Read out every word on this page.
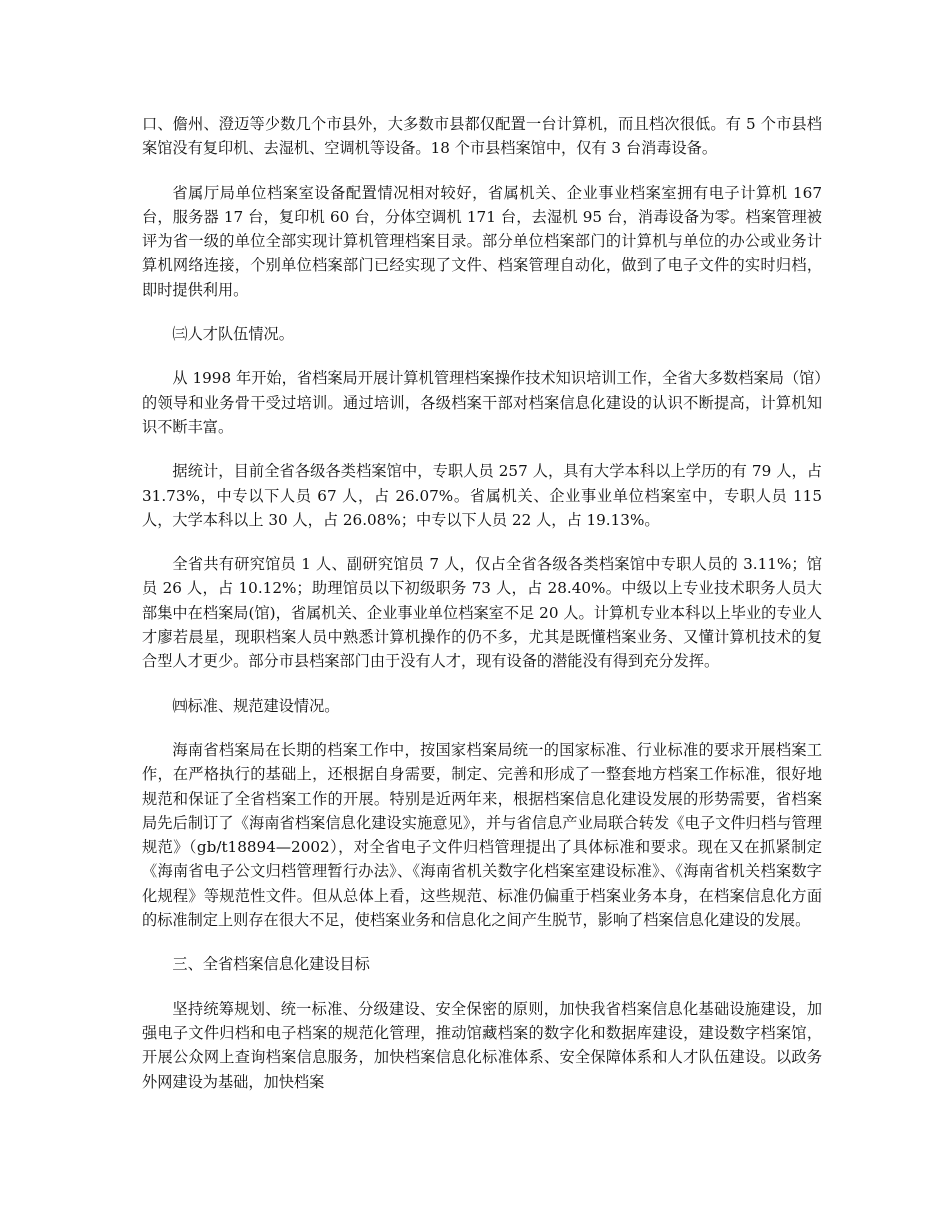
口、儋州、澄迈等少数几个市县外，大多数市县都仅配置一台计算机，而且档次很低。有 5 个市县档案馆没有复印机、去湿机、空调机等设备。18 个市县档案馆中，仅有 3 台消毒设备。

省属厅局单位档案室设备配置情况相对较好，省属机关、企业事业档案室拥有电子计算机 167 台，服务器 17 台，复印机 60 台，分体空调机 171 台，去湿机 95 台，消毒设备为零。档案管理被评为省一级的单位全部实现计算机管理档案目录。部分单位档案部门的计算机与单位的办公或业务计算机网络连接，个别单位档案部门已经实现了文件、档案管理自动化，做到了电子文件的实时归档，即时提供利用。

㈢人才队伍情况。

从 1998 年开始，省档案局开展计算机管理档案操作技术知识培训工作，全省大多数档案局（馆）的领导和业务骨干受过培训。通过培训，各级档案干部对档案信息化建设的认识不断提高，计算机知识不断丰富。

据统计，目前全省各级各类档案馆中，专职人员 257 人，具有大学本科以上学历的有 79 人，占 31.73%，中专以下人员 67 人，占 26.07%。省属机关、企业事业单位档案室中，专职人员 115 人，大学本科以上 30 人，占 26.08%；中专以下人员 22 人，占 19.13%。

全省共有研究馆员 1 人、副研究馆员 7 人，仅占全省各级各类档案馆中专职人员的 3.11%；馆员 26 人，占 10.12%；助理馆员以下初级职务 73 人，占 28.40%。中级以上专业技术职务人员大部集中在档案局(馆)，省属机关、企业事业单位档案室不足 20 人。计算机专业本科以上毕业的专业人才廖若晨星，现职档案人员中熟悉计算机操作的仍不多，尤其是既懂档案业务、又懂计算机技术的复合型人才更少。部分市县档案部门由于没有人才，现有设备的潜能没有得到充分发挥。

㈣标准、规范建设情况。

海南省档案局在长期的档案工作中，按国家档案局统一的国家标准、行业标准的要求开展档案工作，在严格执行的基础上，还根据自身需要，制定、完善和形成了一整套地方档案工作标准，很好地规范和保证了全省档案工作的开展。特别是近两年来，根据档案信息化建设发展的形势需要，省档案局先后制订了《海南省档案信息化建设实施意见》，并与省信息产业局联合转发《电子文件归档与管理规范》（gb/t18894—2002），对全省电子文件归档管理提出了具体标准和要求。现在又在抓紧制定《海南省电子公文归档管理暂行办法》、《海南省机关数字化档案室建设标准》、《海南省机关档案数字化规程》等规范性文件。但从总体上看，这些规范、标准仍偏重于档案业务本身，在档案信息化方面的标准制定上则存在很大不足，使档案业务和信息化之间产生脱节，影响了档案信息化建设的发展。

三、全省档案信息化建设目标

坚持统筹规划、统一标准、分级建设、安全保密的原则，加快我省档案信息化基础设施建设，加强电子文件归档和电子档案的规范化管理，推动馆藏档案的数字化和数据库建设，建设数字档案馆，开展公众网上查询档案信息服务，加快档案信息化标准体系、安全保障体系和人才队伍建设。以政务外网建设为基础，加快档案
